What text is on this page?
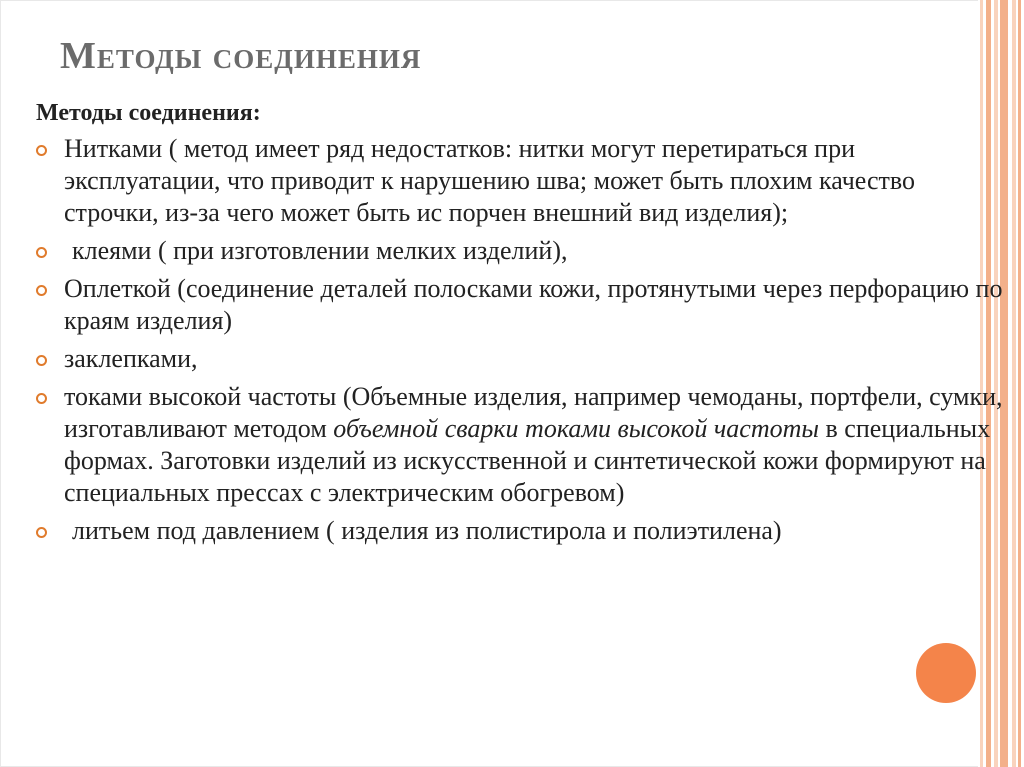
Методы соединения
Методы соединения:
Нитками ( метод имеет ряд недостатков: нитки могут перетираться при эксплуатации, что приводит к нарушению шва; может быть плохим качество строчки, из-за чего может быть ис порчен внешний вид изделия);
клеями ( при изготовлении мелких изделий),
Оплеткой (соединение деталей полосками кожи, протянутыми через перфорацию по краям изделия)
заклепками,
токами высокой частоты (Объемные изделия, например чемоданы, портфели, сумки, изготавливают методом объемной сварки токами высокой частоты в специальных формах. Заготовки изделий из искусственной и синтетической кожи формируют на специальных прессах с электрическим обогревом)
литьем под давлением ( изделия из полистирола и полиэтилена)
